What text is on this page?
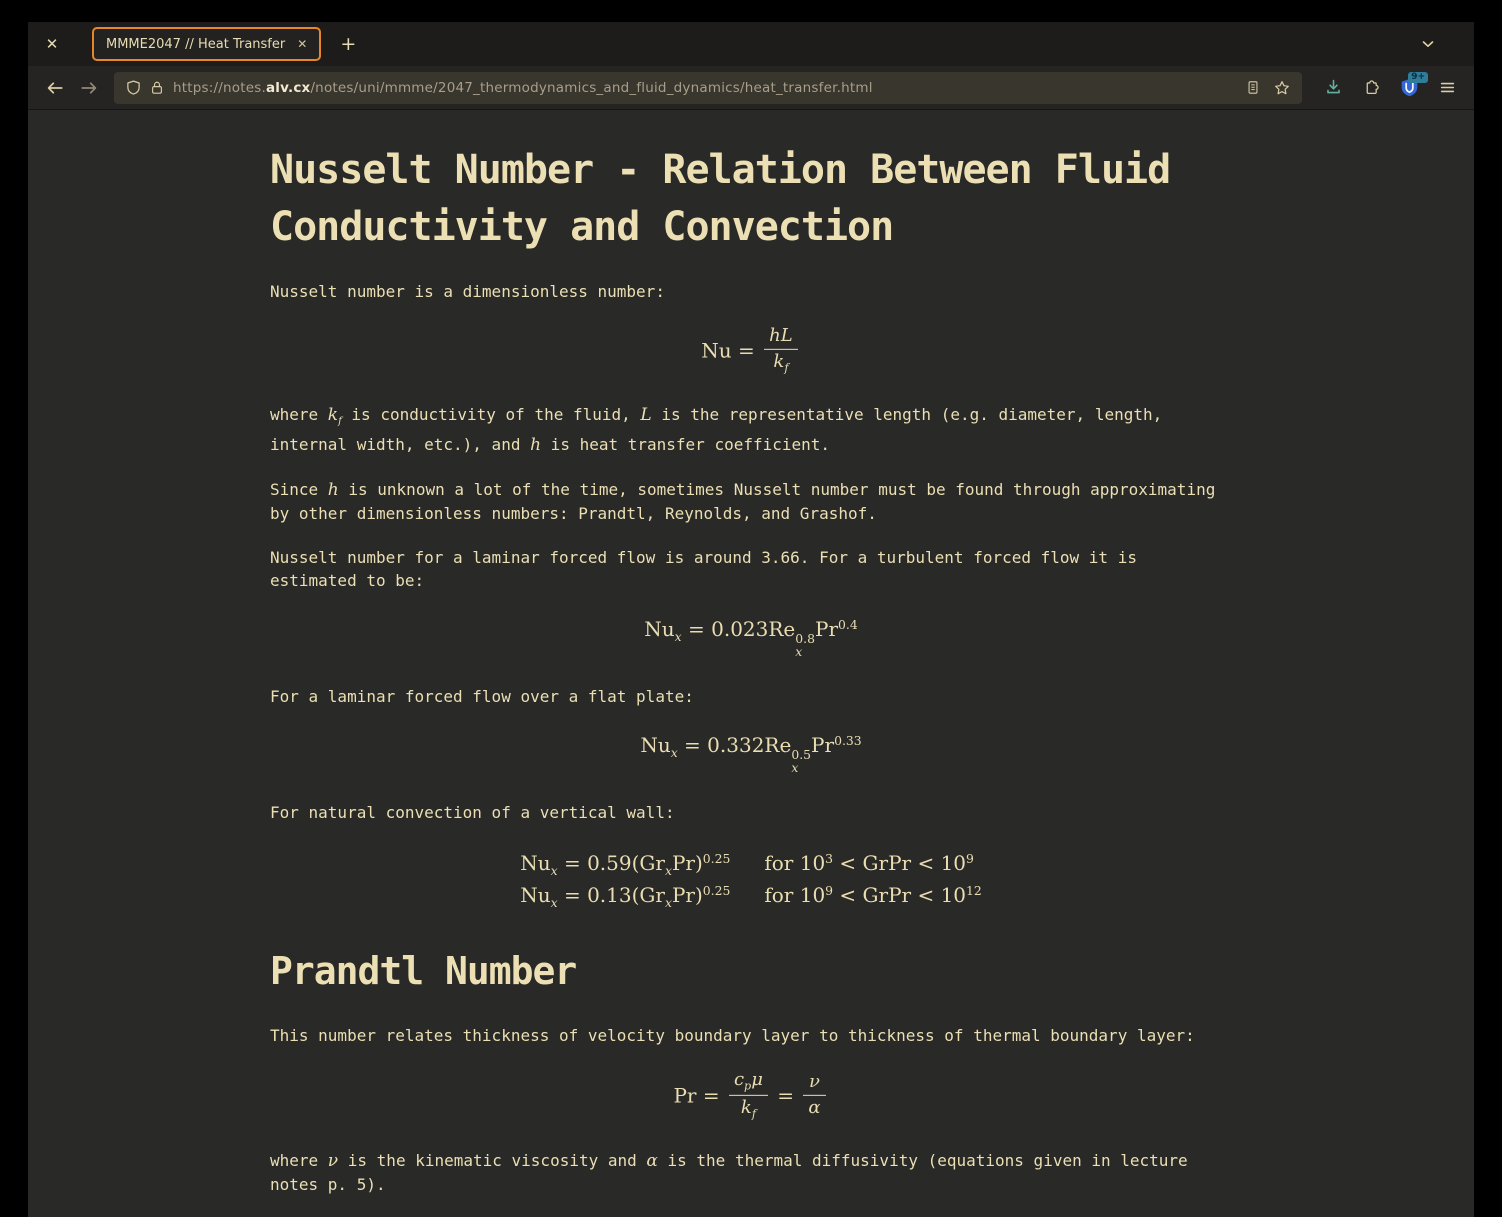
✕	MMME2047 // Heat Transfer ✕ +
https://notes.alv.cx/notes/uni/mmme/2047_thermodynamics_and_fluid_dynamics/heat_transfer.html
9+
Nusselt Number - Relation Between Fluid Conductivity and Convection

Nusselt number is a dimensionless number:

$Nu = \frac{hL}{k_f}$

where $k_f$ is conductivity of the fluid, L is the representative length (e.g. diameter, length, internal width, etc.), and h is heat transfer coefficient.

Since h is unknown a lot of the time, sometimes Nusselt number must be found through approximating by other dimensionless numbers: Prandtl, Reynolds, and Grashof.

Nusselt number for a laminar forced flow is around 3.66. For a turbulent forced flow it is estimated to be:

$Nu_x = 0.023Re$ 0.8
x
$Pr^{0.4}$

For a laminar forced flow over a flat plate:

$Nu_x = 0.332Re$ 0.5
x
$Pr^{0.33}$

For natural convection of a vertical wall:

$Nu_x = 0.59(Gr_xPr)^{0.25}$ for $10^3$ < GrPr < $10^9$
$Nu_x = 0.13(Gr_xPr)^{0.25}$ for $10^9$ < GrPr < $10^{12}$
Prandtl Number

This number relates thickness of velocity boundary layer to thickness of thermal boundary layer:

$Pr = \frac{c_p\mu}{k_f} = \frac{\nu}{\alpha}$

where ν is the kinematic viscosity and α is the thermal diffusivity (equations given in lecture notes p. 5).
